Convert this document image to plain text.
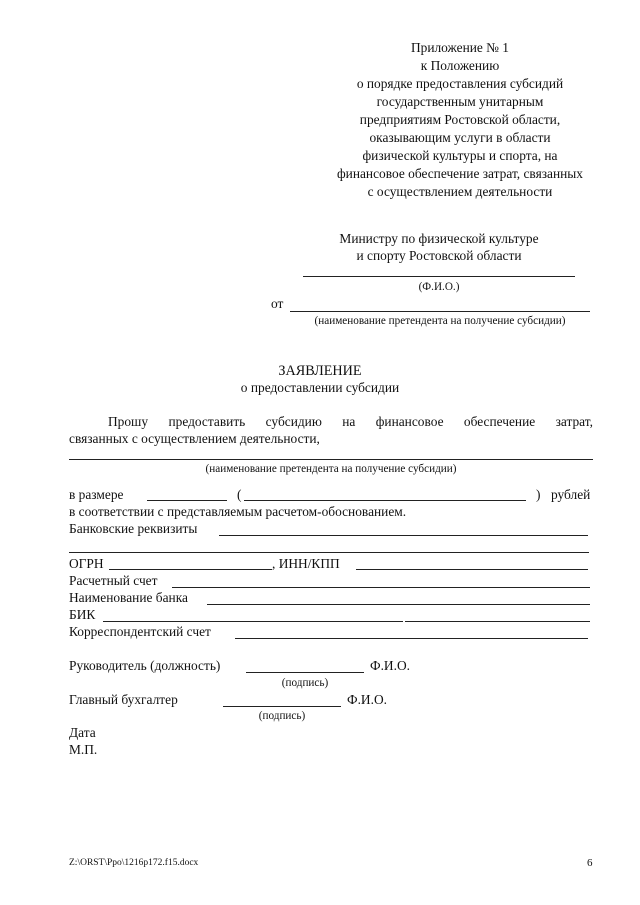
Приложение № 1
к Положению
о порядке предоставления субсидий
государственным унитарным
предприятиям Ростовской области,
оказывающим услуги в области
физической культуры и спорта, на
финансовое обеспечение затрат, связанных
с осуществлением деятельности
Министру по физической культуре
и спорту Ростовской области
(Ф.И.О.)
от
(наименование претендента на получение субсидии)
ЗАЯВЛЕНИЕ
о предоставлении субсидии
Прошу предоставить субсидию на финансовое обеспечение затрат,
связанных с осуществлением деятельности,
(наименование претендента на получение субсидии)
в размере	(	) рублей
в соответствии с представляемым расчетом-обоснованием.
Банковские реквизиты
ОГРН	, ИНН/КПП
Расчетный счет
Наименование банка
БИК
Корреспондентский счет
Руководитель (должность)	Ф.И.О.
(подпись)
Главный бухгалтер	Ф.И.О.
(подпись)
Дата
М.П.
Z:\ORST\Ppo\1216p172.f15.docx	6
